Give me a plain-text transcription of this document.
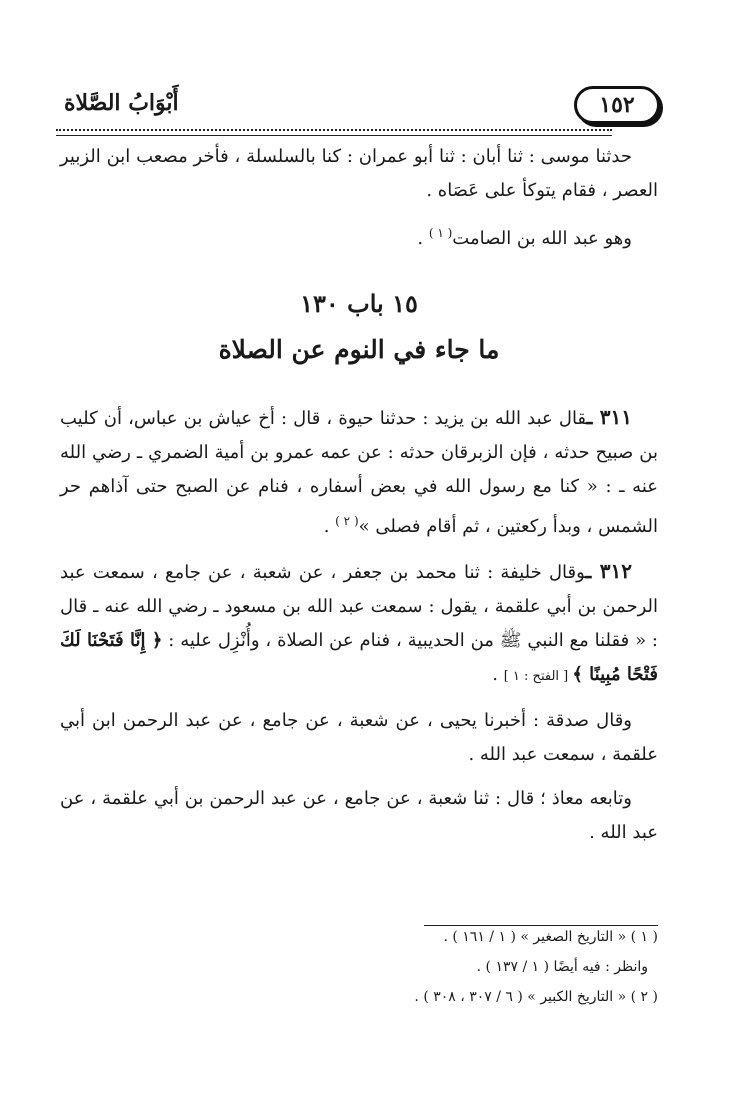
١٥٢
أَبْوَابُ الصَّلاة

حدثنا موسى : ثنا أبان : ثنا أبو عمران : كنا بالسلسلة ، فأخر مصعب ابن الزبير العصر ، فقام يتوكأ على عَصَاه .

وهو عبد الله بن الصامت$^{( ١ )}$ .

١٥ باب ١٣٠
ما جاء في النوم عن الصلاة

٣١١ ـقال عبد الله بن يزيد : حدثنا حيوة ، قال : أخ عياش بن عباس، أن كليب بن صبيح حدثه ، فإن الزبرقان حدثه : عن عمه عمرو بن أمية الضمري ـ رضي الله عنه ـ : « كنا مع رسول الله في بعض أسفاره ، فنام عن الصبح حتى آذاهم حر الشمس ، وبدأ ركعتين ، ثم أقام فصلى »$^{( ٢ )}$ .

٣١٢ ـوقال خليفة : ثنا محمد بن جعفر ، عن شعبة ، عن جامع ، سمعت عبد الرحمن بن أبي علقمة ، يقول : سمعت عبد الله بن مسعود ـ رضي الله عنه ـ قال : « فقلنا مع النبي ﷺ من الحديبية ، فنام عن الصلاة ، وأُنْزِل عليه : ﴿ إِنَّا فَتَحْنَا لَكَ فَتْحًا مُبِينًا ﴾ [ الفتح : ١ ] .

وقال صدقة : أخبرنا يحيى ، عن شعبة ، عن جامع ، عن عبد الرحمن ابن أبي علقمة ، سمعت عبد الله .

وتابعه معاذ ؛ قال : ثنا شعبة ، عن جامع ، عن عبد الرحمن بن أبي علقمة ، عن عبد الله .

( ١ ) « التاريخ الصغير » ( ١ / ١٦١ ) .
وانظر : فيه أيضًا ( ١ / ١٣٧ ) .
( ٢ ) « التاريخ الكبير » ( ٦ / ٣٠٧ ، ٣٠٨ ) .
